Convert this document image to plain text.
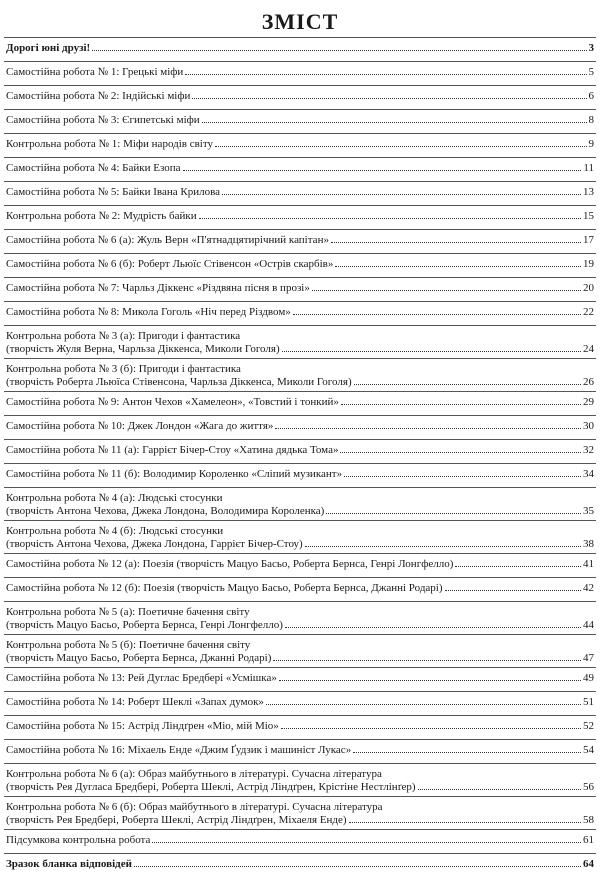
ЗМІСТ
Дорогі юні друзі!	3
Самостійна робота № 1: Грецькі міфи	5
Самостійна робота № 2: Індійські міфи	6
Самостійна робота № 3: Єгипетські міфи	8
Контрольна робота № 1: Міфи народів світу	9
Самостійна робота № 4: Байки Езопа	11
Самостійна робота № 5: Байки Івана Крилова	13
Контрольна робота № 2: Мудрість байки	15
Самостійна робота № 6 (а): Жуль Верн «П'ятнадцятирічний капітан»	17
Самостійна робота № 6 (б): Роберт Льюїс Стівенсон «Острів скарбів»	19
Самостійна робота № 7: Чарльз Діккенс «Різдвяна пісня в прозі»	20
Самостійна робота № 8: Микола Гоголь «Ніч перед Різдвом»	22
Контрольна робота № 3 (а): Пригоди і фантастика
(творчість Жуля Верна, Чарльза Діккенса, Миколи Гоголя)	24
Контрольна робота № 3 (б): Пригоди і фантастика
(творчість Роберта Льюїса Стівенсона, Чарльза Діккенса, Миколи Гоголя)	26
Самостійна робота № 9: Антон Чехов «Хамелеон», «Товстий і тонкий»	29
Самостійна робота № 10: Джек Лондон «Жага до життя»	30
Самостійна робота № 11 (а): Гаррієт Бічер-Стоу «Хатина дядька Тома»	32
Самостійна робота № 11 (б): Володимир Короленко «Сліпий музикант»	34
Контрольна робота № 4 (а): Людські стосунки
(творчість Антона Чехова, Джека Лондона, Володимира Короленка)	35
Контрольна робота № 4 (б): Людські стосунки
(творчість Антона Чехова, Джека Лондона, Гаррієт Бічер-Стоу)	38
Самостійна робота № 12 (а): Поезія (творчість Мацуо Басьо, Роберта Бернса, Генрі Лонгфелло)	41
Самостійна робота № 12 (б): Поезія (творчість Мацуо Басьо, Роберта Бернса, Джанні Родарі)	42
Контрольна робота № 5 (а): Поетичне бачення світу
(творчість Мацуо Басьо, Роберта Бернса, Генрі Лонгфелло)	44
Контрольна робота № 5 (б): Поетичне бачення світу
(творчість Мацуо Басьо, Роберта Бернса, Джанні Родарі)	47
Самостійна робота № 13: Рей Дуглас Бредбері «Усмішка»	49
Самостійна робота № 14: Роберт Шеклі «Запах думок»	51
Самостійна робота № 15: Астрід Ліндґрен «Міо, мій Міо»	52
Самостійна робота № 16: Міхаель Енде «Джим Ґудзик і машиніст Лукас»	54
Контрольна робота № 6 (а): Образ майбутнього в літературі. Сучасна література
(творчість Рея Дугласа Бредбері, Роберта Шеклі, Астрід Ліндґрен, Крістіне Нестлінґер)	56
Контрольна робота № 6 (б): Образ майбутнього в літературі. Сучасна література
(творчість Рея Бредбері, Роберта Шеклі, Астрід Ліндґрен, Міхаеля Енде)	58
Підсумкова контрольна робота	61
Зразок бланка відповідей	64
